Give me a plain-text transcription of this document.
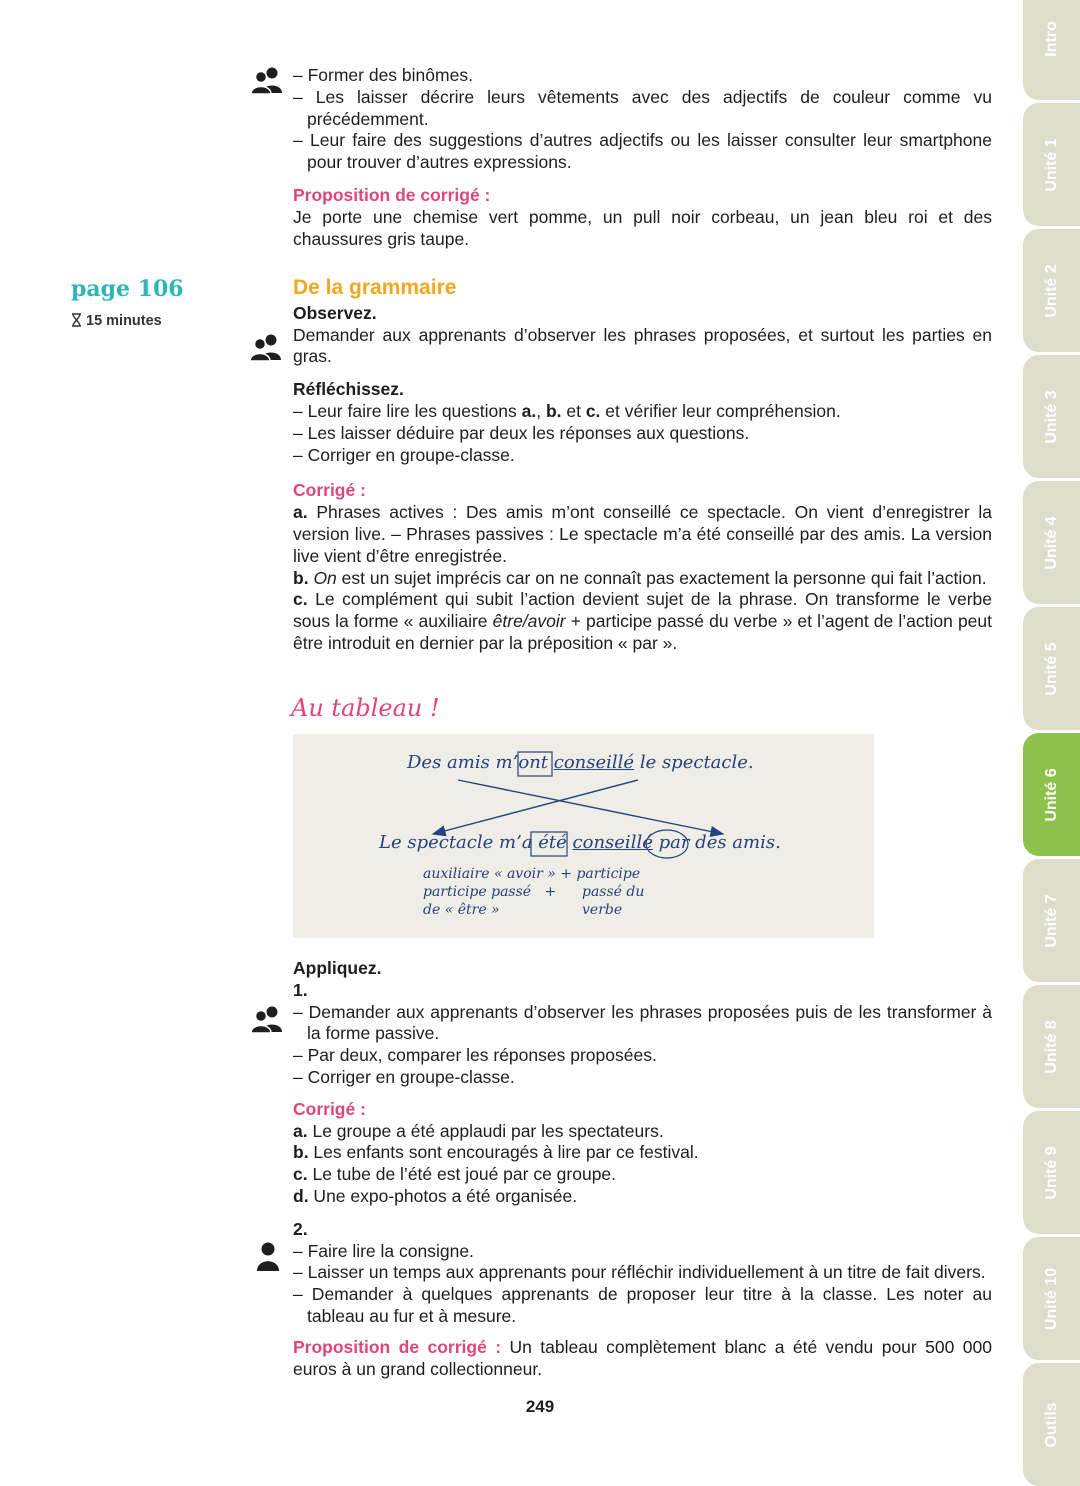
Intro
Unité 1
Unité 2
Unité 3
Unité 4
Unité 5
Unité 6
Unité 7
Unité 8
Unité 9
Unité 10
Outils
page 106
15 minutes
– Former des binômes.
– Les laisser décrire leurs vêtements avec des adjectifs de couleur comme vu précédemment.
– Leur faire des suggestions d’autres adjectifs ou les laisser consulter leur smartphone pour trouver d’autres expressions.
Proposition de corrigé :
Je porte une chemise vert pomme, un pull noir corbeau, un jean bleu roi et des chaussures gris taupe.
De la grammaire
Observez.
Demander aux apprenants d’observer les phrases proposées, et surtout les parties en gras.
Réfléchissez.
– Leur faire lire les questions a., b. et c. et vérifier leur compréhension.
– Les laisser déduire par deux les réponses aux questions.
– Corriger en groupe-classe.
Corrigé :
a. Phrases actives : Des amis m’ont conseillé ce spectacle. On vient d’enregistrer la version live. – Phrases passives : Le spectacle m’a été conseillé par des amis. La version live vient d’être enregistrée.
b. On est un sujet imprécis car on ne connaît pas exactement la personne qui fait l’action.
c. Le complément qui subit l’action devient sujet de la phrase. On transforme le verbe sous la forme « auxiliaire être/avoir + participe passé du verbe » et l’agent de l’action peut être introduit en dernier par la préposition « par ».
Au tableau !
Des amis m’ont conseillé le spectacle.
Le spectacle m’a été conseillé par des amis.
auxiliaire « avoir » + participe
participe passé +
de « être »
passé du
verbe
Appliquez.
1.
– Demander aux apprenants d’observer les phrases proposées puis de les transformer à la forme passive.
– Par deux, comparer les réponses proposées.
– Corriger en groupe-classe.
Corrigé :
a. Le groupe a été applaudi par les spectateurs.
b. Les enfants sont encouragés à lire par ce festival.
c. Le tube de l’été est joué par ce groupe.
d. Une expo-photos a été organisée.
2.
– Faire lire la consigne.
– Laisser un temps aux apprenants pour réfléchir individuellement à un titre de fait divers.
– Demander à quelques apprenants de proposer leur titre à la classe. Les noter au tableau au fur et à mesure.
Proposition de corrigé : Un tableau complètement blanc a été vendu pour 500 000 euros à un grand collectionneur.
249
